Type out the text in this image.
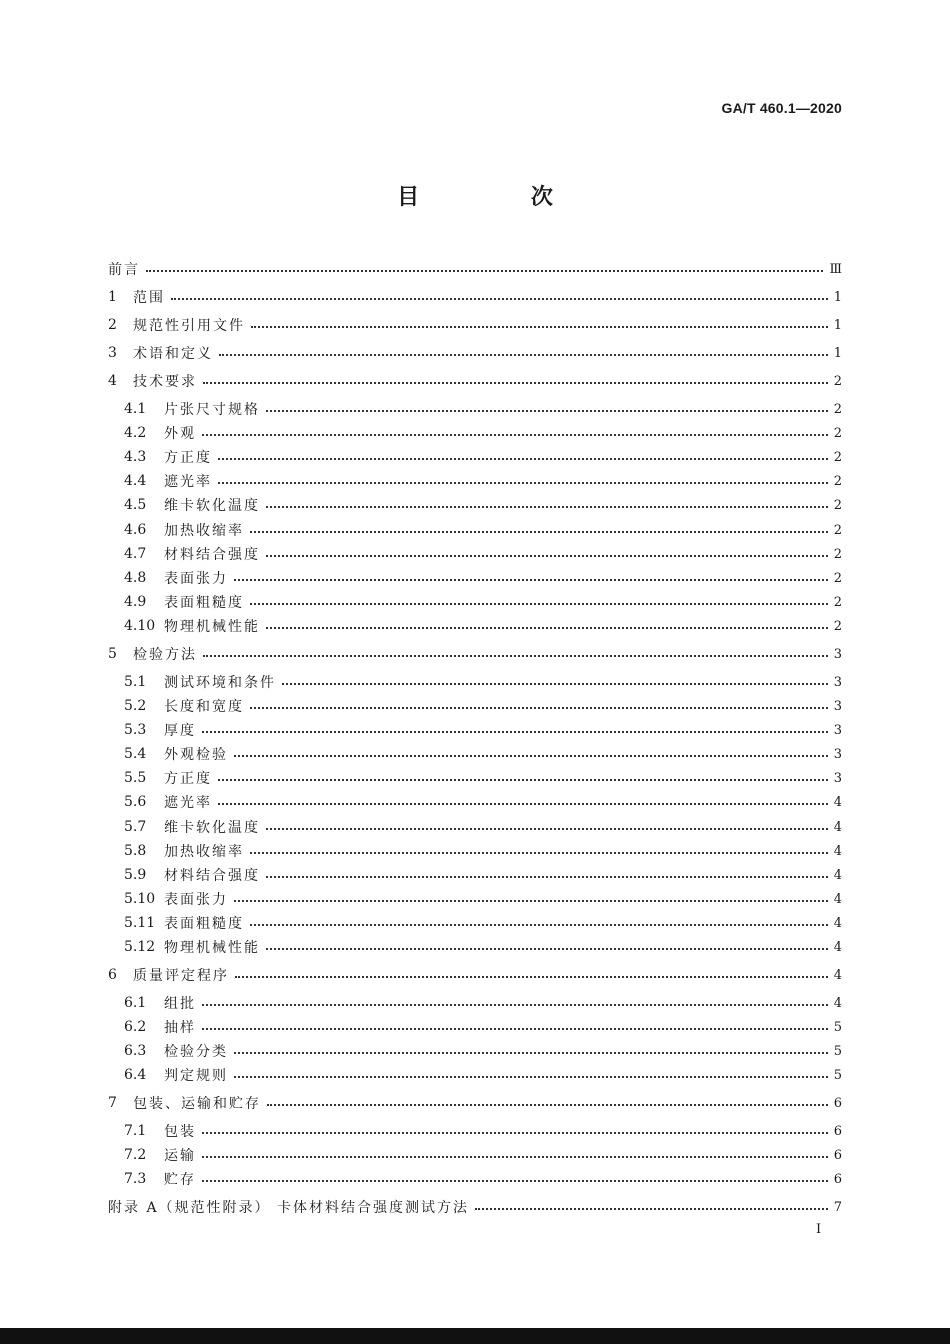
GA/T 460.1—2020
目 次
前言	Ⅲ
1	范围	1
2	规范性引用文件	1
3	术语和定义	1
4	技术要求	2
4.1	片张尺寸规格	2
4.2	外观	2
4.3	方正度	2
4.4	遮光率	2
4.5	维卡软化温度	2
4.6	加热收缩率	2
4.7	材料结合强度	2
4.8	表面张力	2
4.9	表面粗糙度	2
4.10 物理机械性能	2
5	检验方法	3
5.1	测试环境和条件	3
5.2	长度和宽度	3
5.3	厚度	3
5.4	外观检验	3
5.5	方正度	3
5.6	遮光率	4
5.7	维卡软化温度	4
5.8	加热收缩率	4
5.9	材料结合强度	4
5.10 表面张力	4
5.11 表面粗糙度	4
5.12 物理机械性能	4
6	质量评定程序	4
6.1	组批	4
6.2	抽样	5
6.3	检验分类	5
6.4	判定规则	5
7	包装、运输和贮存	6
7.1	包装	6
7.2	运输	6
7.3	贮存	6
附录 A（规范性附录） 卡体材料结合强度测试方法	7
I
